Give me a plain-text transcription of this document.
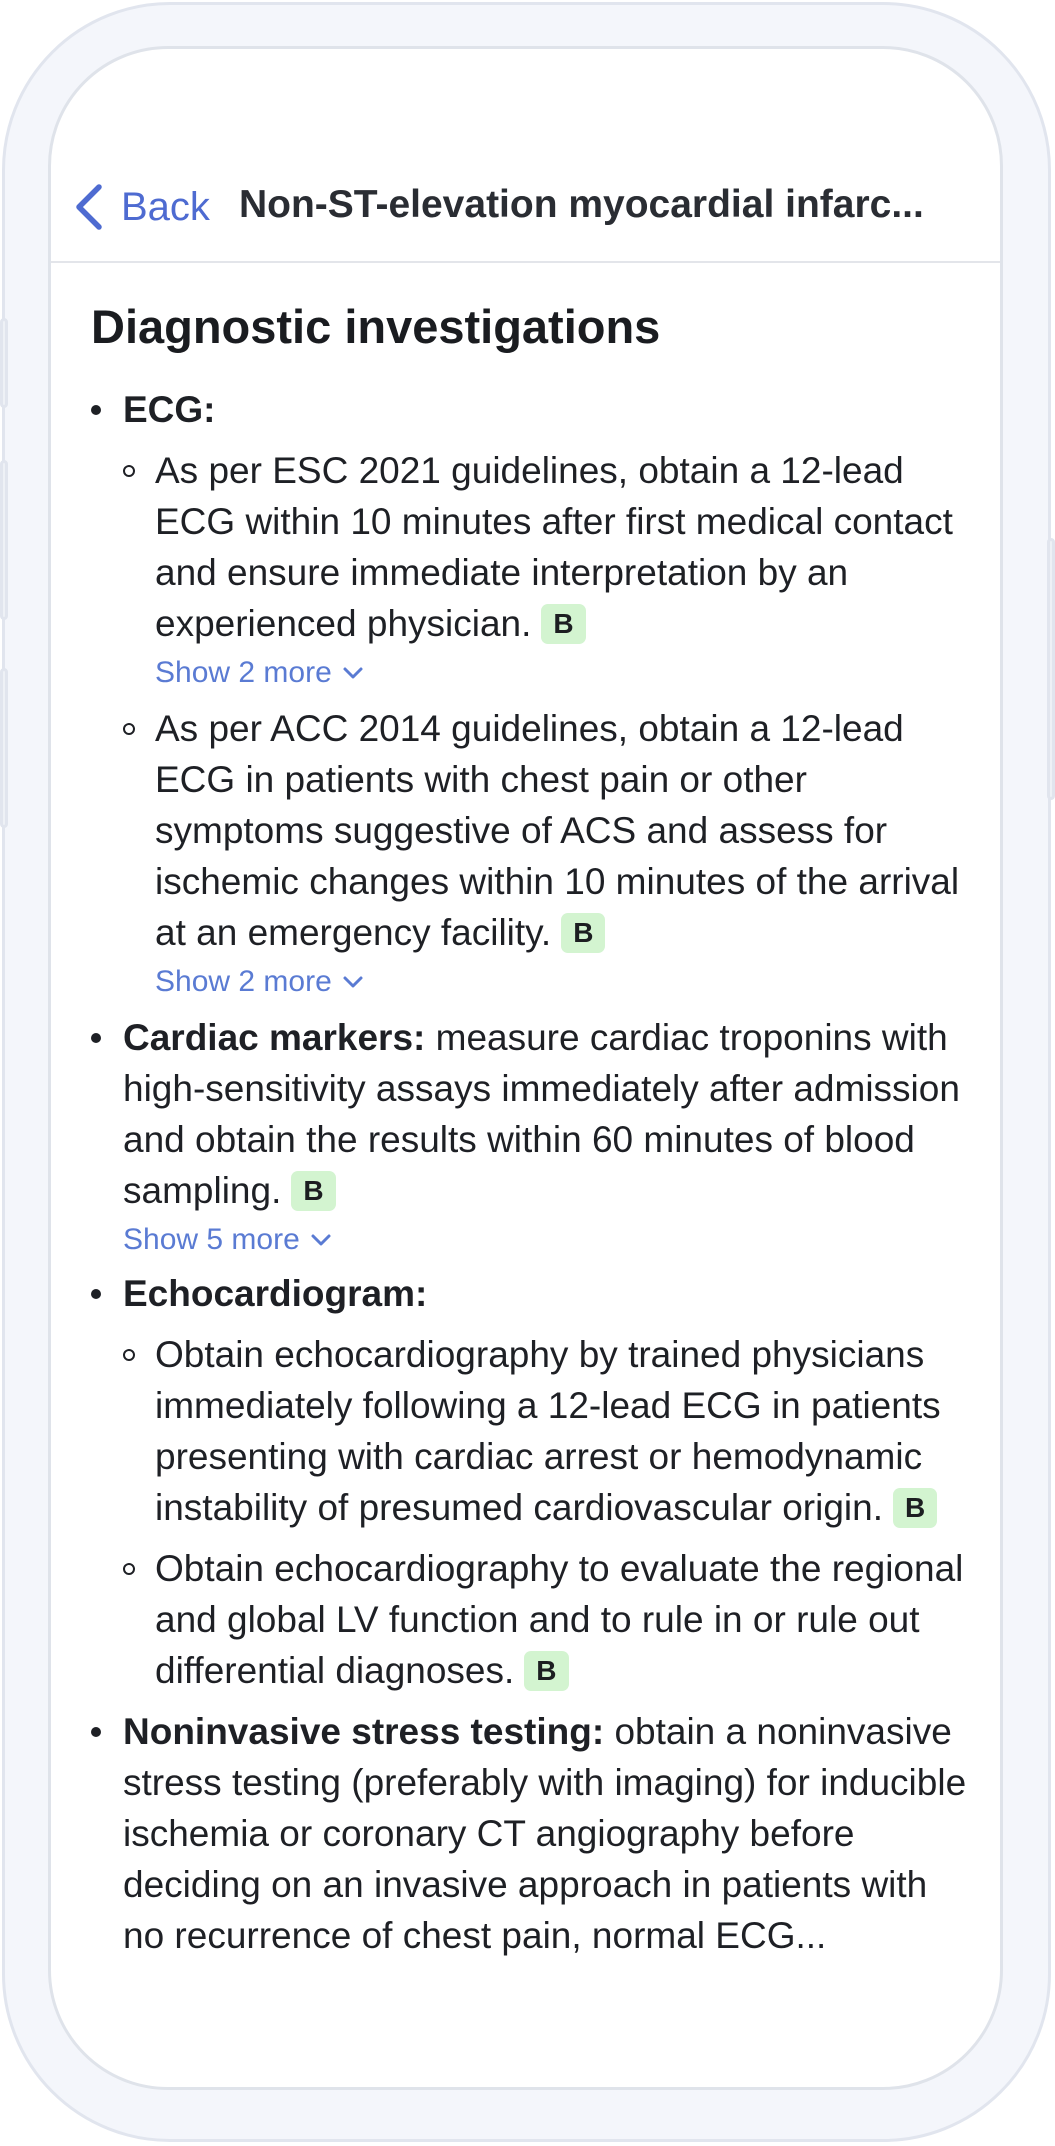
Back Non-ST-elevation myocardial infarc...
Diagnostic investigations
ECG:
As per ESC 2021 guidelines, obtain a 12-lead ECG within 10 minutes after first medical contact and ensure immediate interpretation by an experienced physician. B
Show 2 more
As per ACC 2014 guidelines, obtain a 12-lead ECG in patients with chest pain or other symptoms suggestive of ACS and assess for ischemic changes within 10 minutes of the arrival at an emergency facility. B
Show 2 more
Cardiac markers: measure cardiac troponins with high-sensitivity assays immediately after admission and obtain the results within 60 minutes of blood sampling. B
Show 5 more
Echocardiogram:
Obtain echocardiography by trained physicians immediately following a 12-lead ECG in patients presenting with cardiac arrest or hemodynamic instability of presumed cardiovascular origin. B
Obtain echocardiography to evaluate the regional and global LV function and to rule in or rule out differential diagnoses. B
Noninvasive stress testing: obtain a noninvasive stress testing (preferably with imaging) for inducible ischemia or coronary CT angiography before deciding on an invasive approach in patients with no recurrence of chest pain, normal ECG...
